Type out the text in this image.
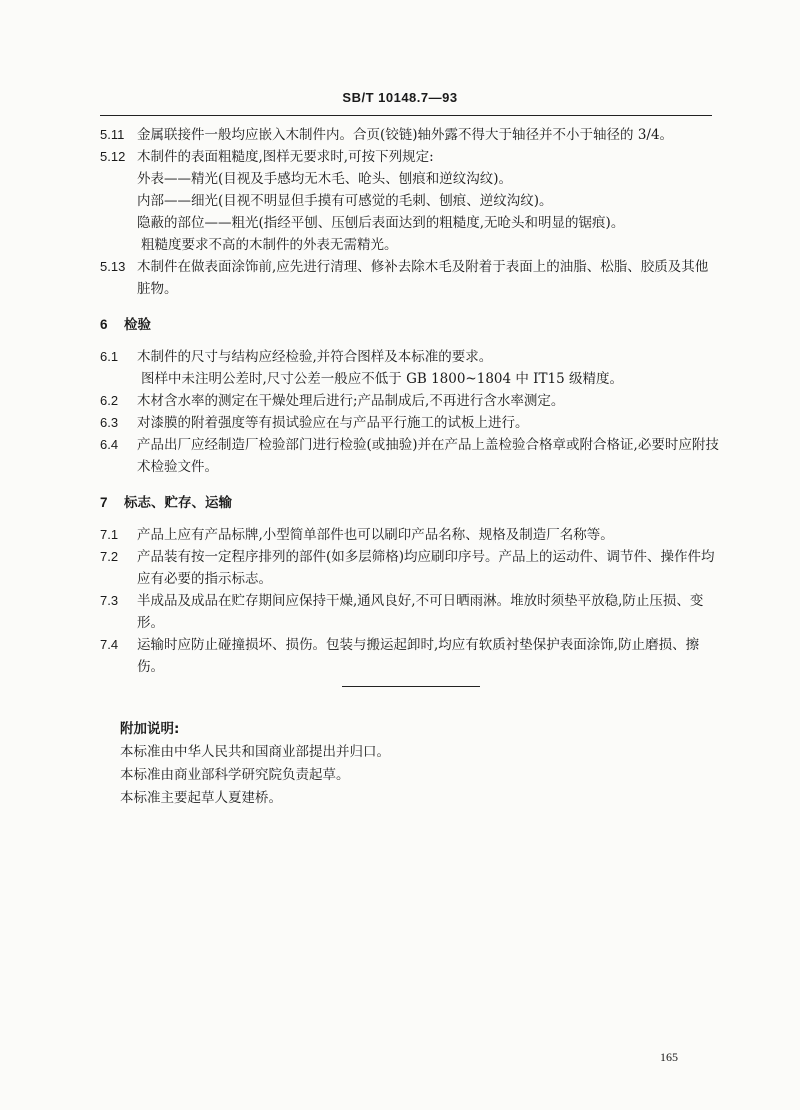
SB/T 10148.7—93

5.11 金属联接件一般均应嵌入木制件内。合页(铰链)轴外露不得大于轴径并不小于轴径的 3/4。

5.12 木制件的表面粗糙度,图样无要求时,可按下列规定:

外表——精光(目视及手感均无木毛、呛头、刨痕和逆纹沟纹)。

内部——细光(目视不明显但手摸有可感觉的毛刺、刨痕、逆纹沟纹)。

隐蔽的部位——粗光(指经平刨、压刨后表面达到的粗糙度,无呛头和明显的锯痕)。

粗糙度要求不高的木制件的外表无需精光。

5.13 木制件在做表面涂饰前,应先进行清理、修补去除木毛及附着于表面上的油脂、松脂、胶质及其他脏物。

6 检验

6.1 木制件的尺寸与结构应经检验,并符合图样及本标准的要求。

图样中未注明公差时,尺寸公差一般应不低于 GB 1800~1804 中 IT15 级精度。

6.2 木材含水率的测定在干燥处理后进行;产品制成后,不再进行含水率测定。

6.3 对漆膜的附着强度等有损试验应在与产品平行施工的试板上进行。

6.4 产品出厂应经制造厂检验部门进行检验(或抽验)并在产品上盖检验合格章或附合格证,必要时应附技术检验文件。

7 标志、贮存、运输

7.1 产品上应有产品标牌,小型简单部件也可以刷印产品名称、规格及制造厂名称等。

7.2 产品装有按一定程序排列的部件(如多层筛格)均应刷印序号。产品上的运动件、调节件、操作件均应有必要的指示标志。

7.3 半成品及成品在贮存期间应保持干燥,通风良好,不可日晒雨淋。堆放时须垫平放稳,防止压损、变形。

7.4 运输时应防止碰撞损坏、损伤。包装与搬运起卸时,均应有软质衬垫保护表面涂饰,防止磨损、擦伤。

附加说明:

本标准由中华人民共和国商业部提出并归口。

本标准由商业部科学研究院负责起草。

本标准主要起草人夏建桥。

165
